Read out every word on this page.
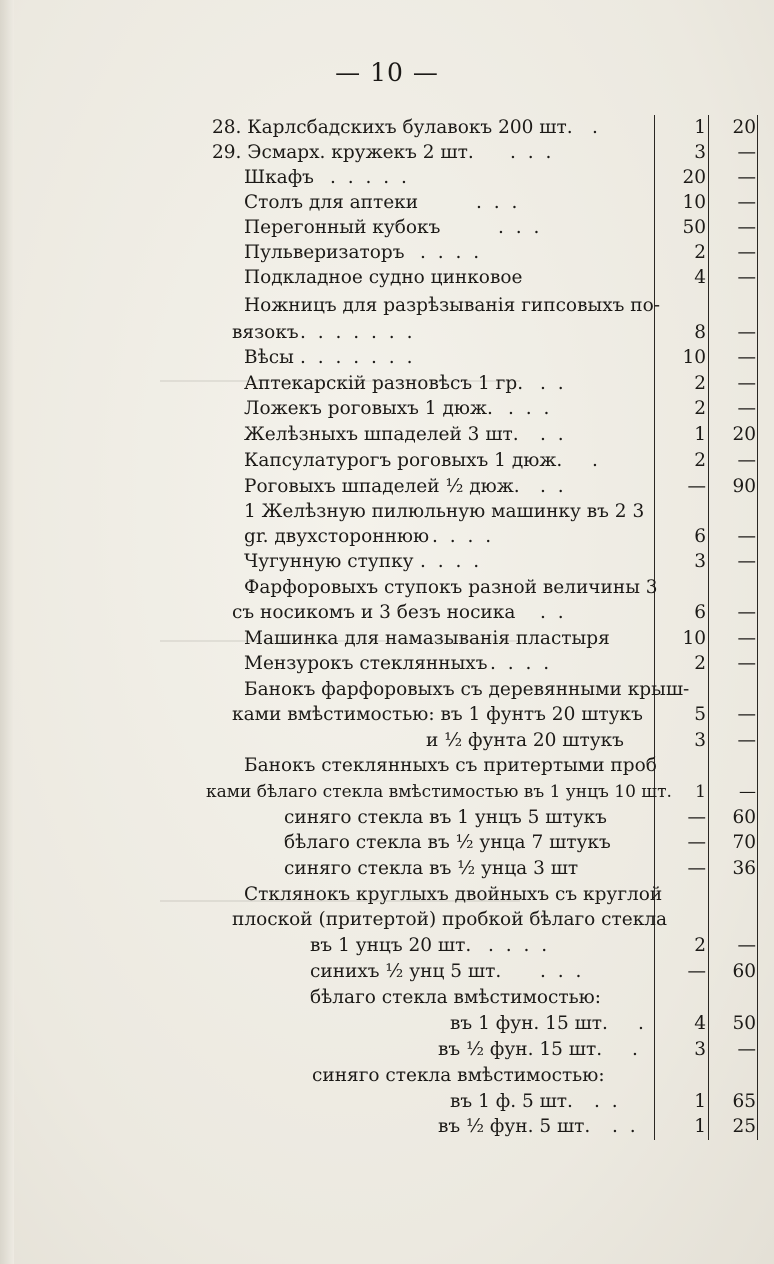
— 10 —
28. Карлсбадскихъ булавокъ 200 шт. .	1	20
29. Эсмарх. кружекъ 2 шт. . . .	3	—
Шкафъ . . . . .	20	—
Столъ для аптеки	. . .	10	—
Перегонный кубокъ	. . .	50	—
Пульверизаторъ . . . .	2	—
Подкладное судно цинковое	4	—
Ножницъ для разрѣзыванія гипсовыхъ по-
вязокъ . . . . . . .	8	—
Вѣсы . . . . . . .	10	—
Аптекарскій разновѣсъ 1 гр. . .	2	—
Ложекъ роговыхъ 1 дюж. . . .	2	—
Желѣзныхъ шпаделей 3 шт. . .	1	20
Капсулатурогъ роговыхъ 1 дюж. .	2	—
Роговыхъ шпаделей ½ дюж. . .	—	90
1 Желѣзную пилюльную машинку въ 2 3
gr. двухстороннюю . . . .	6	—
Чугунную ступку . . . .	3	—
Фарфоровыхъ ступокъ разной величины 3
съ носикомъ и 3 безъ носика . .	6	—
Машинка для намазыванія пластыря	10	—
Мензурокъ стеклянныхъ . . . .	2	—
Банокъ фарфоровыхъ съ деревянными крыш-
ками вмѣстимостью: въ 1 фунтъ 20 штукъ	5	—
и ½ фунта 20 штукъ	3	—
Банокъ стеклянныхъ съ притертыми проб
ками бѣлаго стекла вмѣстимостью въ 1 унцъ 10 шт.	1	—
синяго стекла въ 1 унцъ 5 штукъ	—	60
бѣлаго стекла въ ½ унца 7 штукъ	—	70
синяго стекла въ ½ унца 3 шт	—	36
Стклянокъ круглыхъ двойныхъ съ круглой
плоской (притертой) пробкой бѣлаго стекла
въ 1 унцъ 20 шт. . . . .	2	—
синихъ ½ унц 5 шт. . . .	—	60
бѣлаго стекла вмѣстимостью:
въ 1 фун. 15 шт. .	4	50
въ ½ фун. 15 шт. .	3	—
синяго стекла вмѣстимостью:
въ 1 ф. 5 шт. . .	1	65
въ ½ фун. 5 шт. . .	1	25
